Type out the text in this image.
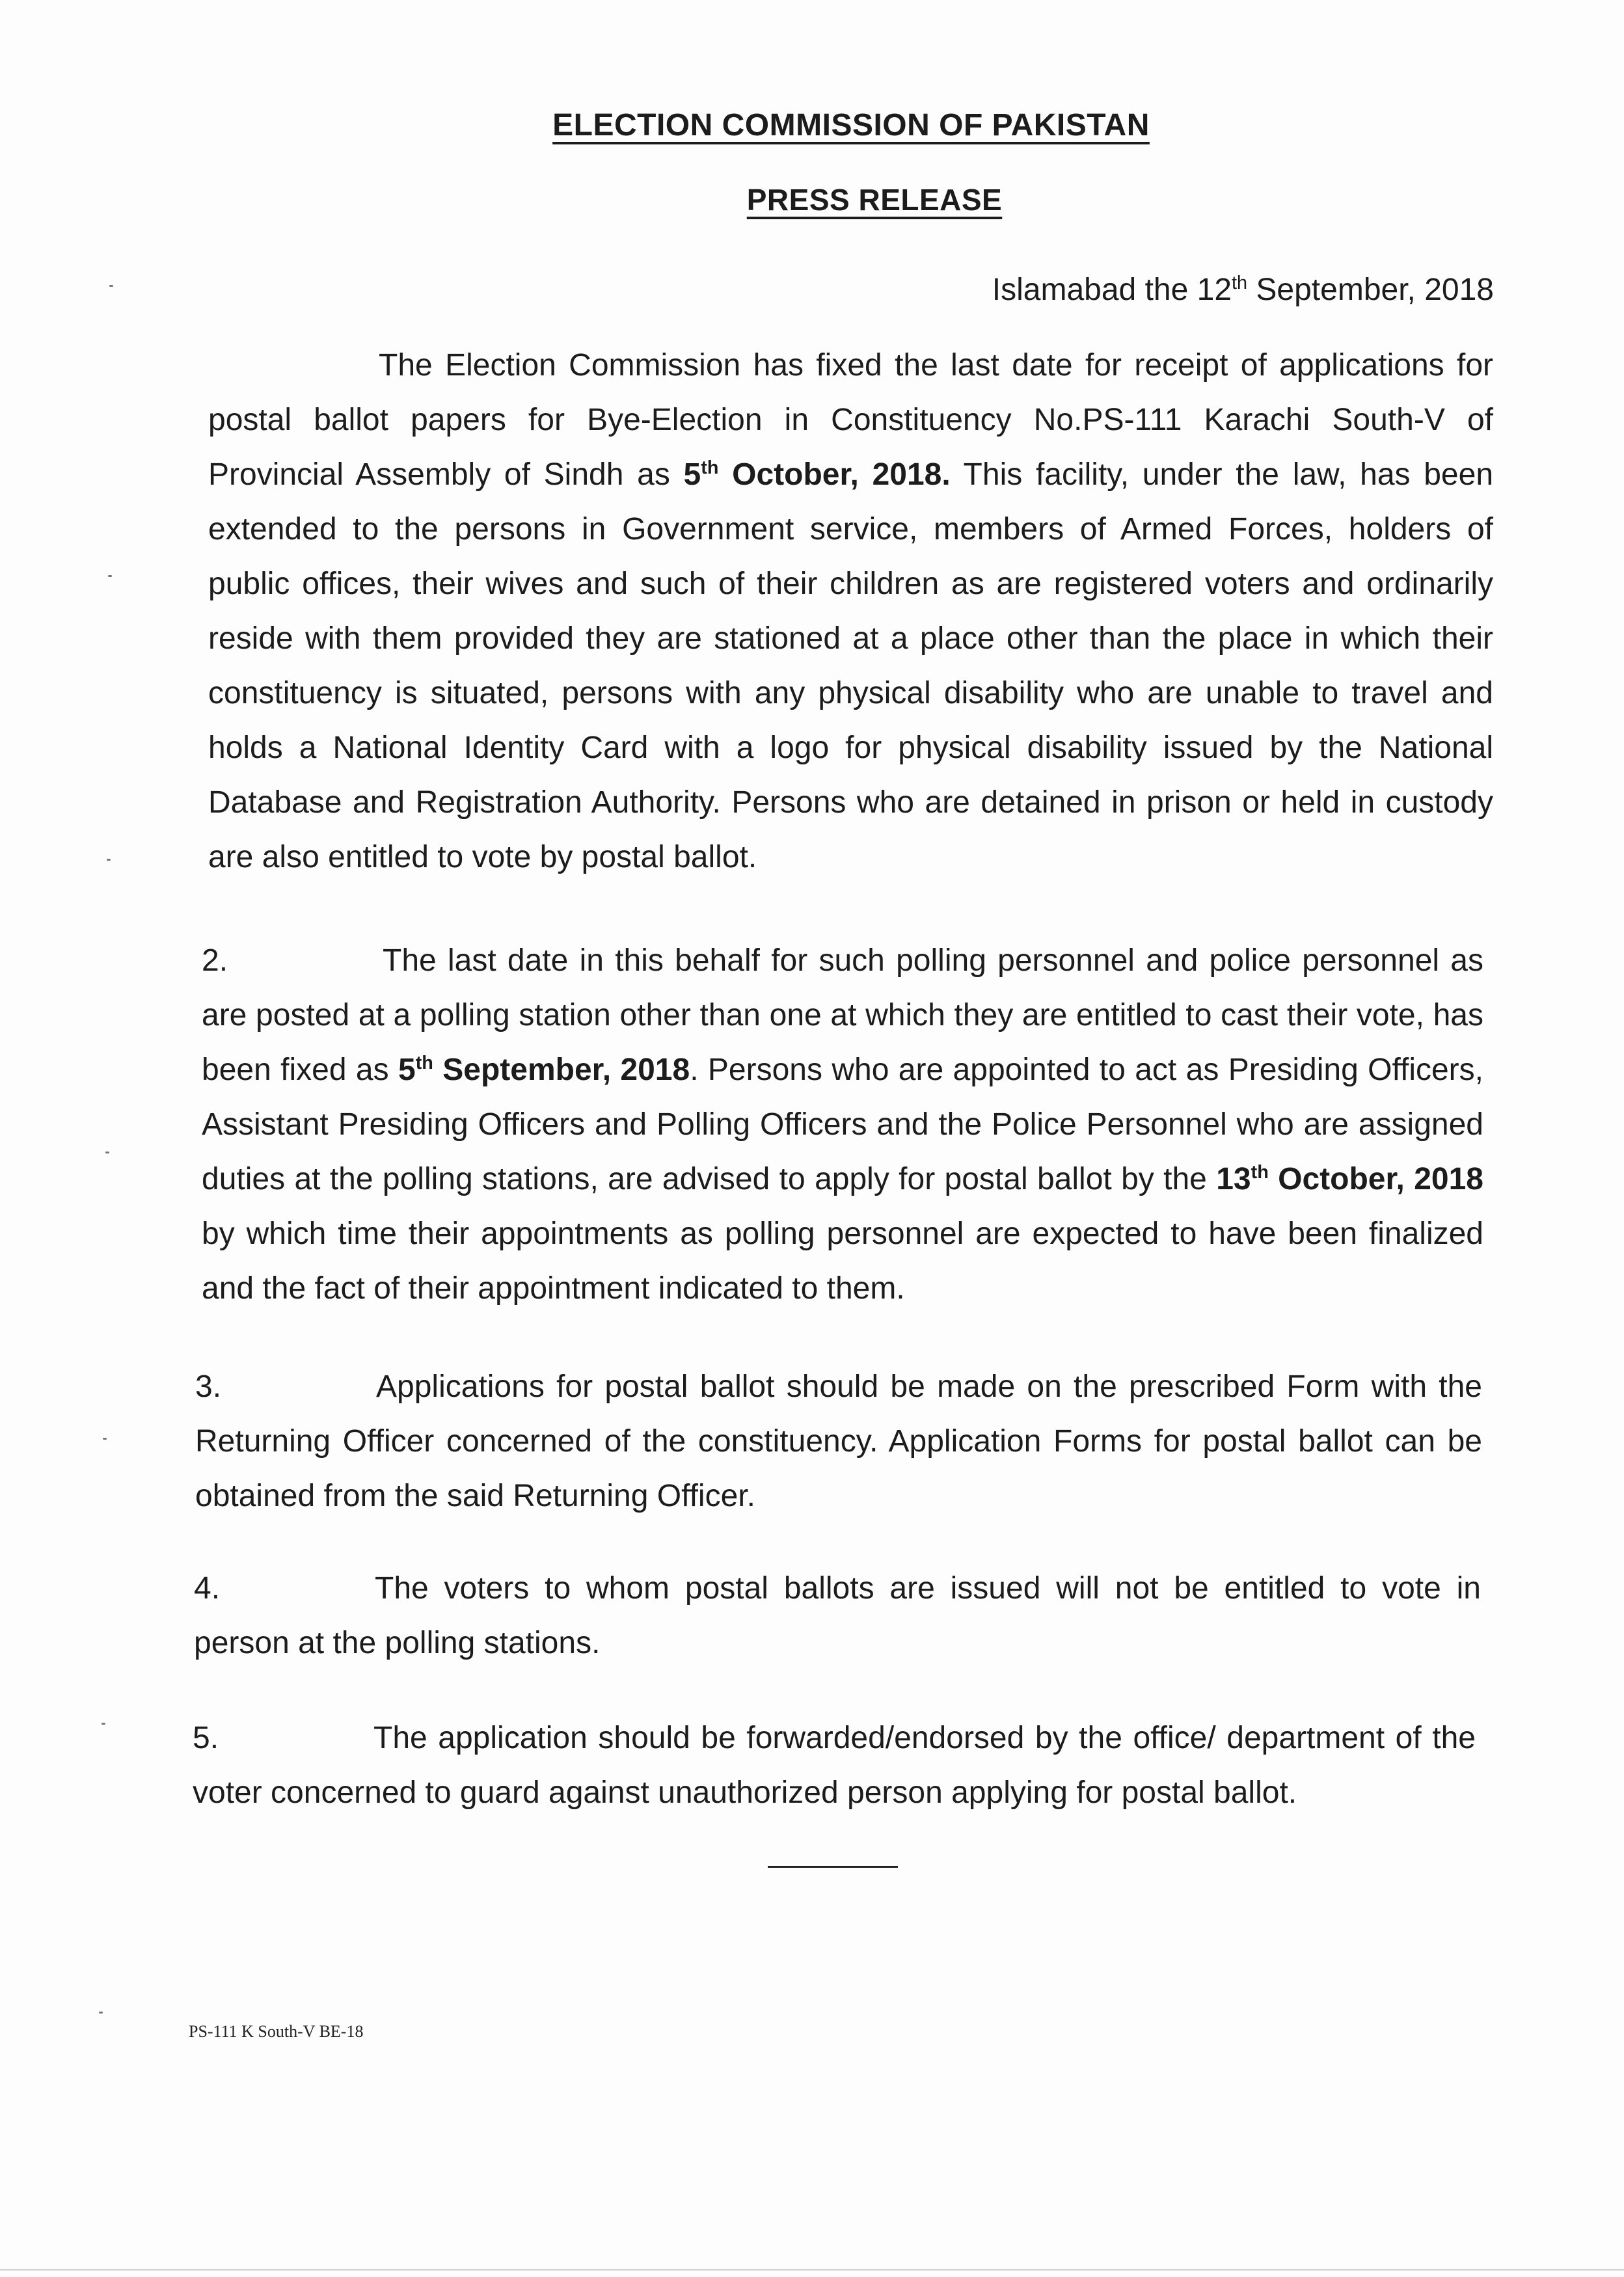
ELECTION COMMISSION OF PAKISTAN
PRESS RELEASE
Islamabad the 12th September, 2018
The Election Commission has fixed the last date for receipt of applications for postal ballot papers for Bye-Election in Constituency No.PS-111 Karachi South-V of Provincial Assembly of Sindh as 5th October, 2018. This facility, under the law, has been extended to the persons in Government service, members of Armed Forces, holders of public offices, their wives and such of their children as are registered voters and ordinarily reside with them provided they are stationed at a place other than the place in which their constituency is situated, persons with any physical disability who are unable to travel and holds a National Identity Card with a logo for physical disability issued by the National Database and Registration Authority. Persons who are detained in prison or held in custody are also entitled to vote by postal ballot.
2.	The last date in this behalf for such polling personnel and police personnel as are posted at a polling station other than one at which they are entitled to cast their vote, has been fixed as 5th September, 2018. Persons who are appointed to act as Presiding Officers, Assistant Presiding Officers and Polling Officers and the Police Personnel who are assigned duties at the polling stations, are advised to apply for postal ballot by the 13th October, 2018 by which time their appointments as polling personnel are expected to have been finalized and the fact of their appointment indicated to them.
3.	Applications for postal ballot should be made on the prescribed Form with the Returning Officer concerned of the constituency. Application Forms for postal ballot can be obtained from the said Returning Officer.
4.	The voters to whom postal ballots are issued will not be entitled to vote in person at the polling stations.
5.	The application should be forwarded/endorsed by the office/ department of the voter concerned to guard against unauthorized person applying for postal ballot.
PS-111 K South-V BE-18
